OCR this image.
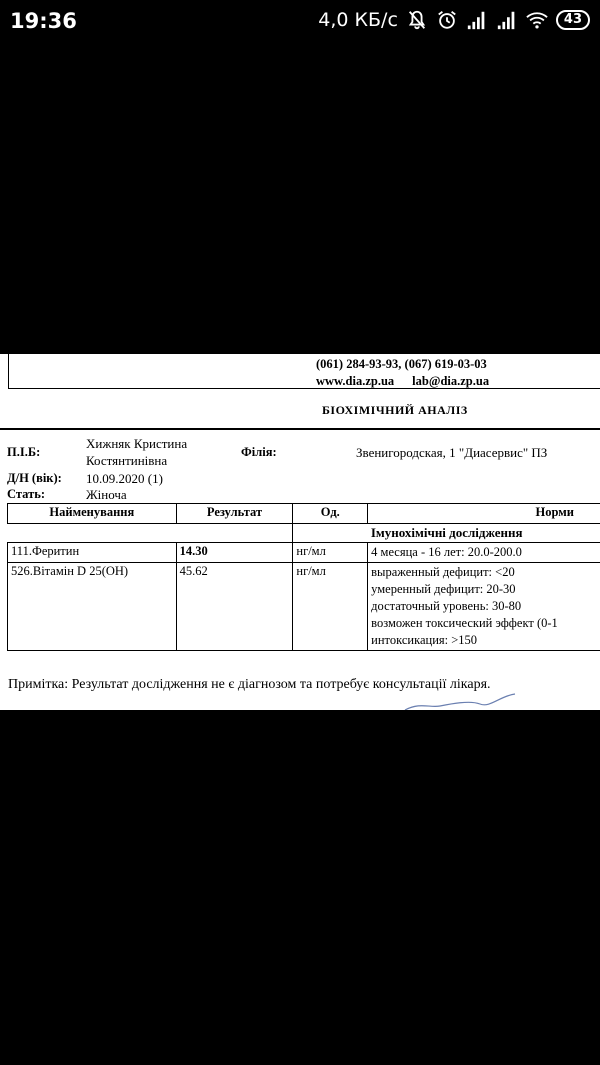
19:36	4,0 КБ/с	43
(061) 284-93-93, (067) 619-03-03
www.dia.zp.ua lab@dia.zp.ua
БІОХІМІЧНИЙ АНАЛІЗ
П.І.Б:
Хижняк Кристина
Костянтинівна
Філія:	Звенигородская, 1 "Диасервис" ПЗ
Д/Н (вік): 10.09.2020 (1)
Стать:	Жіноча
Найменування	Результат	Од.	Норми
		Імунохімічні дослідження	
111.Феритин	14.30	нг/мл	4 месяца - 16 лет: 20.0-200.0

526.Вітамін D 25(OH)	45.62	нг/мл	выраженный дефицит: <20
умеренный дефицит: 20-30
достаточный уровень: 30-80
возможен токсический эффект (0-1
интоксикация: >150
Примітка: Результат дослідження не є діагнозом та потребує консультації лікаря.
